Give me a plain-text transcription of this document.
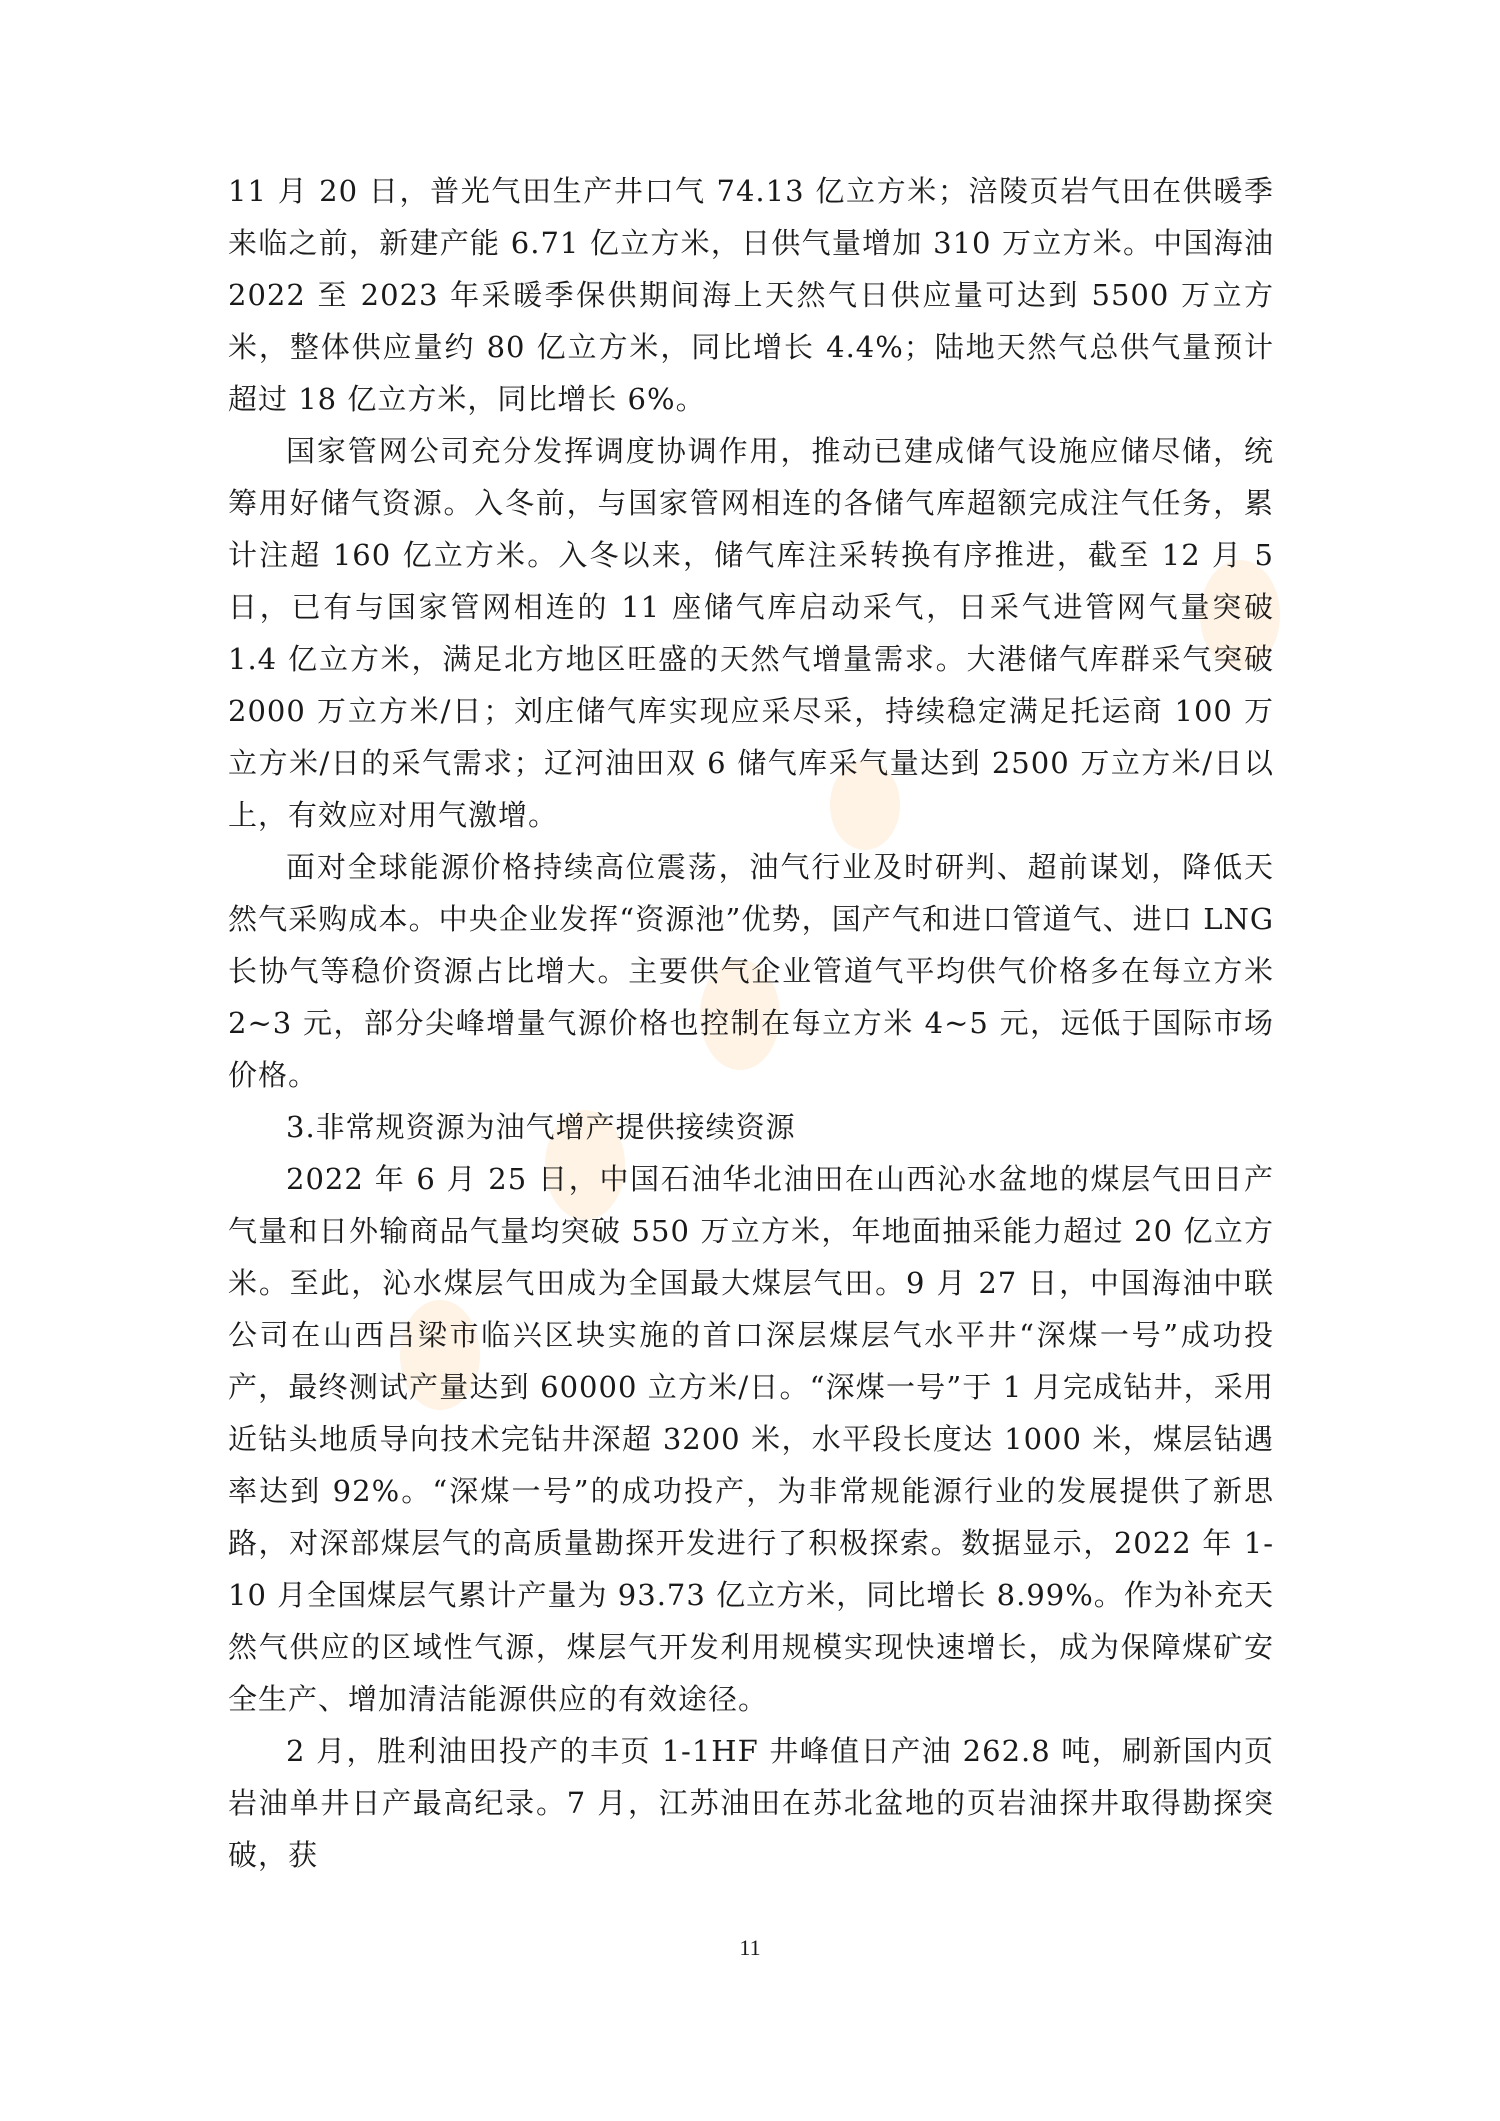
11 月 20 日，普光气田生产井口气 74.13 亿立方米；涪陵页岩气田在供暖季来临之前，新建产能 6.71 亿立方米，日供气量增加 310 万立方米。中国海油 2022 至 2023 年采暖季保供期间海上天然气日供应量可达到 5500 万立方米，整体供应量约 80 亿立方米，同比增长 4.4%；陆地天然气总供气量预计超过 18 亿立方米，同比增长 6%。

国家管网公司充分发挥调度协调作用，推动已建成储气设施应储尽储，统筹用好储气资源。入冬前，与国家管网相连的各储气库超额完成注气任务，累计注超 160 亿立方米。入冬以来，储气库注采转换有序推进，截至 12 月 5 日，已有与国家管网相连的 11 座储气库启动采气，日采气进管网气量突破 1.4 亿立方米，满足北方地区旺盛的天然气增量需求。大港储气库群采气突破 2000 万立方米/日；刘庄储气库实现应采尽采，持续稳定满足托运商 100 万立方米/日的采气需求；辽河油田双 6 储气库采气量达到 2500 万立方米/日以上，有效应对用气激增。

面对全球能源价格持续高位震荡，油气行业及时研判、超前谋划，降低天然气采购成本。中央企业发挥“资源池”优势，国产气和进口管道气、进口 LNG 长协气等稳价资源占比增大。主要供气企业管道气平均供气价格多在每立方米 2~3 元，部分尖峰增量气源价格也控制在每立方米 4~5 元，远低于国际市场价格。

3.非常规资源为油气增产提供接续资源

2022 年 6 月 25 日，中国石油华北油田在山西沁水盆地的煤层气田日产气量和日外输商品气量均突破 550 万立方米，年地面抽采能力超过 20 亿立方米。至此，沁水煤层气田成为全国最大煤层气田。9 月 27 日，中国海油中联公司在山西吕梁市临兴区块实施的首口深层煤层气水平井“深煤一号”成功投产，最终测试产量达到 60000 立方米/日。“深煤一号”于 1 月完成钻井，采用近钻头地质导向技术完钻井深超 3200 米，水平段长度达 1000 米，煤层钻遇率达到 92%。“深煤一号”的成功投产，为非常规能源行业的发展提供了新思路，对深部煤层气的高质量勘探开发进行了积极探索。数据显示，2022 年 1-10 月全国煤层气累计产量为 93.73 亿立方米，同比增长 8.99%。作为补充天然气供应的区域性气源，煤层气开发利用规模实现快速增长，成为保障煤矿安全生产、增加清洁能源供应的有效途径。

2 月，胜利油田投产的丰页 1-1HF 井峰值日产油 262.8 吨，刷新国内页岩油单井日产最高纪录。7 月，江苏油田在苏北盆地的页岩油探井取得勘探突破，获

11
